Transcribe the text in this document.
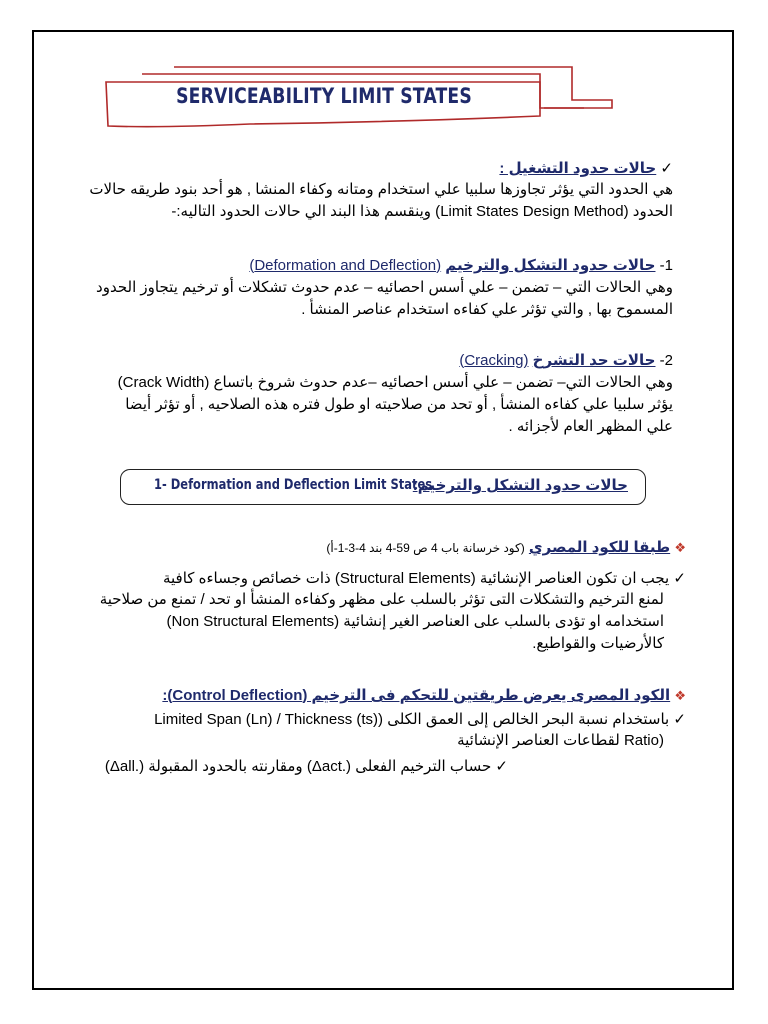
SERVICEABILITY LIMIT STATES
✓ حالات حدود التشغيل :
هي الحدود التي يؤثر تجاوزها سلبيا علي استخدام ومتانه وكفاء المنشا , هو أحد بنود طريقه حالات
الحدود (Limit States Design Method) وينقسم هذا البند الي حالات الحدود التاليه:-
1- حالات حدود التشكل والترخيم (Deformation and Deflection)
وهي الحالات التي – تضمن – علي أسس احصائيه – عدم حدوث تشكلات أو ترخيم يتجاوز الحدود
المسموح بها , والتي تؤثر علي كفاءه استخدام عناصر المنشأ .
2- حالات حد التشرخ (Cracking)
وهي الحالات التي– تضمن – علي أسس احصائيه –عدم حدوث شروخ باتساع (Crack Width)
يؤثر سلبيا علي كفاءه المنشأ , أو تحد من صلاحيته او طول فتره هذه الصلاحيه , أو تؤثر أيضا
علي المظهر العام لأجزائه .
1- Deformation and Deflection Limit States
حالات حدود التشكل والترخيم:
❖ طبقا للكود المصري (كود خرسانة باب 4 ص 59-4 بند 4-3-1-أ)
✓ يجب ان تكون العناصر الإنشائية (Structural Elements) ذات خصائص وجساءه كافية
لمنع الترخيم والتشكلات التى تؤثر بالسلب على مظهر وكفاءه المنشأ او تحد / تمنع من صلاحية
استخدامه او تؤدى بالسلب على العناصر الغير إنشائية (Non Structural Elements)
كالأرضيات والقواطيع.
❖ الكود المصرى يعرض طريقتين للتحكم فى الترخيم (Control Deflection):
✓ باستخدام نسبة البحر الخالص إلى العمق الكلى (Limited Span (Ln) / Thickness (ts)
(Ratio لقطاعات العناصر الإنشائية
✓ حساب الترخيم الفعلى (.Δact) ومقارنته بالحدود المقبولة (.Δall)
